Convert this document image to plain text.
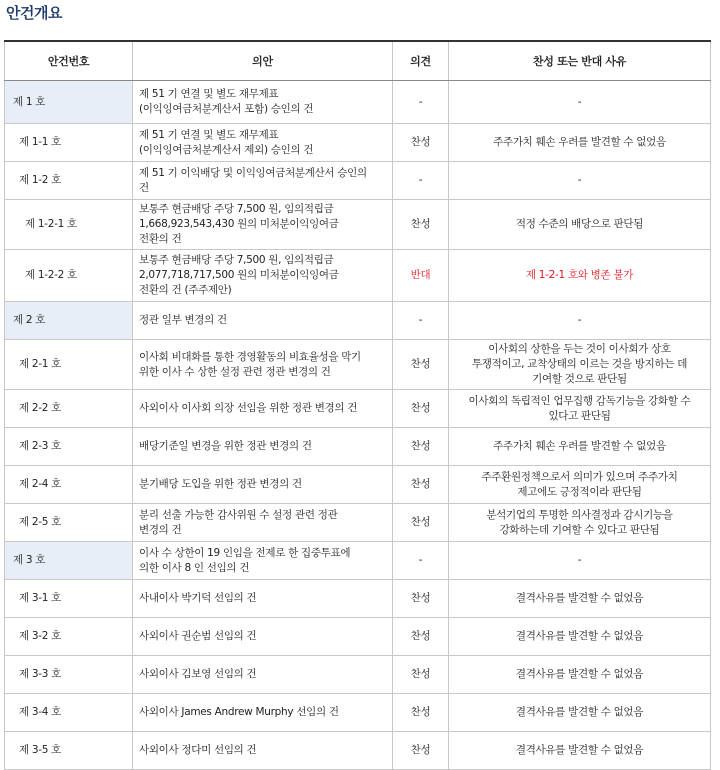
안건개요
안건번호	의안	의견	찬성 또는 반대 사유
제 1 호	제 51 기 연결 및 별도 재무제표
(이익잉여금처분계산서 포함) 승인의 건	-	-
제 1-1 호	제 51 기 연결 및 별도 재무제표
(이익잉여금처분계산서 제외) 승인의 건	찬성	주주가치 훼손 우려를 발견할 수 없었음
제 1-2 호	제 51 기 이익배당 및 이익잉여금처분계산서 승인의
건	-	-
제 1-2-1 호	보통주 현금배당 주당 7,500 원, 임의적립금
1,668,923,543,430 원의 미처분이익잉여금
전환의 건	찬성	적정 수준의 배당으로 판단됨
제 1-2-2 호	보통주 현금배당 주당 7,500 원, 임의적립금
2,077,718,717,500 원의 미처분이익잉여금
전환의 건 (주주제안)	반대	제 1-2-1 호와 병존 불가
제 2 호	정관 일부 변경의 건	-	-
제 2-1 호	이사회 비대화를 통한 경영활동의 비효율성을 막기
위한 이사 수 상한 설정 관련 정관 변경의 건	찬성	이사회의 상한을 두는 것이 이사회가 상호
투쟁적이고, 교착상태의 이르는 것을 방지하는 데
기여할 것으로 판단됨
제 2-2 호	사외이사 이사회 의장 선임을 위한 정관 변경의 건	찬성	이사회의 독립적인 업무집행 감독기능을 강화할 수
있다고 판단됨
제 2-3 호	배당기준일 변경을 위한 정관 변경의 건	찬성	주주가치 훼손 우려를 발견할 수 없었음
제 2-4 호	분기배당 도입을 위한 정관 변경의 건	찬성	주주환원정책으로서 의미가 있으며 주주가치
제고에도 긍정적이라 판단됨
제 2-5 호	분리 선출 가능한 감사위원 수 설정 관련 정관
변경의 건	찬성	분석기업의 투명한 의사결정과 감시기능을
강화하는데 기여할 수 있다고 판단됨
제 3 호	이사 수 상한이 19 인임을 전제로 한 집중투표에
의한 이사 8 인 선임의 건	-	-
제 3-1 호	사내이사 박기덕 선임의 건	찬성	결격사유를 발견할 수 없었음
제 3-2 호	사외이사 권순범 선임의 건	찬성	결격사유를 발견할 수 없었음
제 3-3 호	사외이사 김보영 선임의 건	찬성	결격사유를 발견할 수 없었음
제 3-4 호	사외이사 James Andrew Murphy 선임의 건	찬성	결격사유를 발견할 수 없었음
제 3-5 호	사외이사 정다미 선임의 건	찬성	결격사유를 발견할 수 없었음
